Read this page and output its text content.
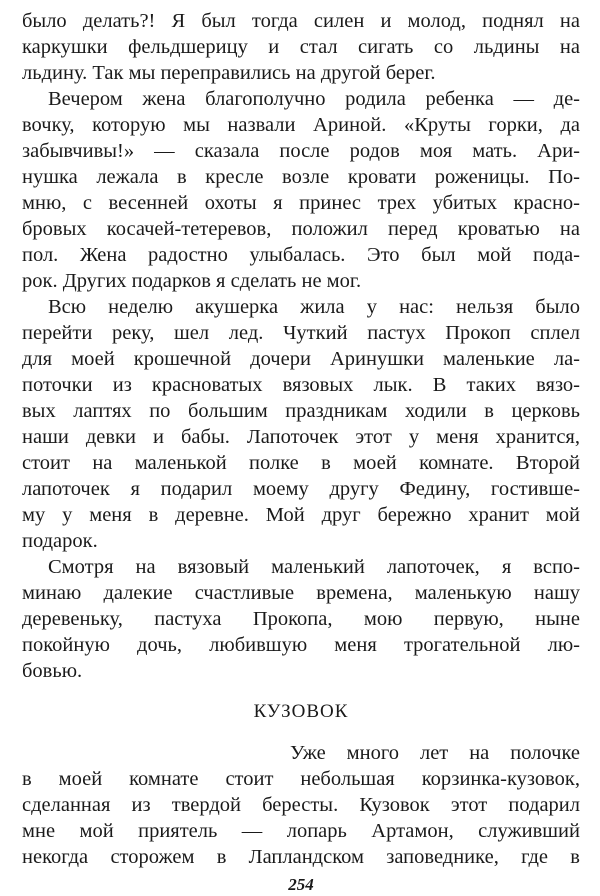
было делать?! Я был тогда силен и молод, поднял на
каркушки фельдшерицу и стал сигать со льдины на
льдину. Так мы переправились на другой берег.
Вечером жена благополучно родила ребенка — де-
вочку, которую мы назвали Ариной. «Круты горки, да
забывчивы!» — сказала после родов моя мать. Ари-
нушка лежала в кресле возле кровати роженицы. По-
мню, с весенней охоты я принес трех убитых красно-
бровых косачей-тетеревов, положил перед кроватью на
пол. Жена радостно улыбалась. Это был мой пода-
рок. Других подарков я сделать не мог.
Всю неделю акушерка жила у нас: нельзя было
перейти реку, шел лед. Чуткий пастух Прокоп сплел
для моей крошечной дочери Аринушки маленькие ла-
поточки из красноватых вязовых лык. В таких вязо-
вых лаптях по большим праздникам ходили в церковь
наши девки и бабы. Лапоточек этот у меня хранится,
стоит на маленькой полке в моей комнате. Второй
лапоточек я подарил моему другу Федину, гостивше-
му у меня в деревне. Мой друг бережно хранит мой
подарок.
Смотря на вязовый маленький лапоточек, я вспо-
минаю далекие счастливые времена, маленькую нашу
деревеньку, пастуха Прокопа, мою первую, ныне
покойную дочь, любившую меня трогательной лю-
бовью.
КУЗОВОК
Уже много лет на полочке
в моей комнате стоит небольшая корзинка-кузовок,
сделанная из твердой бересты. Кузовок этот подарил
мне мой приятель — лопарь Артамон, служивший
некогда сторожем в Лапландском заповеднике, где в
254
